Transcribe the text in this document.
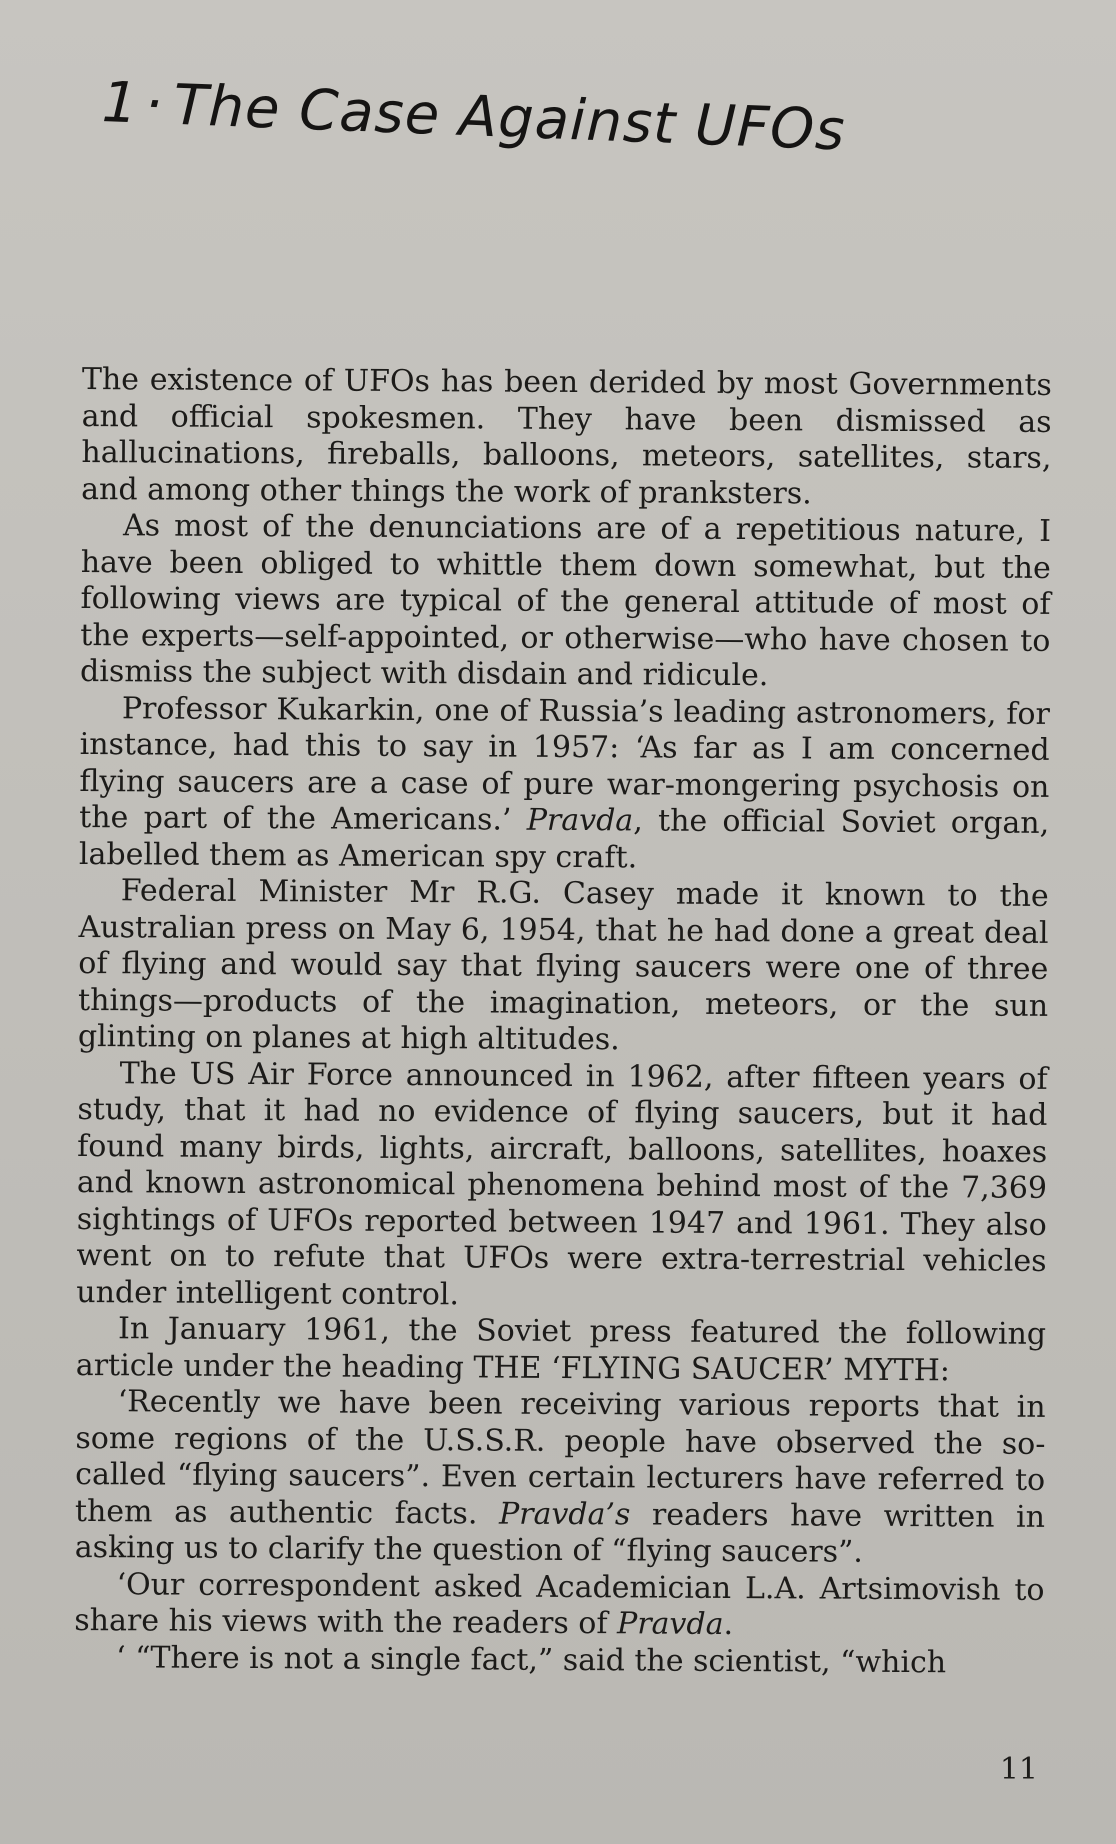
1· The Case Against UFOs

The existence of UFOs has been derided by most Governments and official spokesmen. They have been dismissed as hallucinations, fireballs, balloons, meteors, satellites, stars, and among other things the work of pranksters.

As most of the denunciations are of a repetitious nature, I have been obliged to whittle them down somewhat, but the following views are typical of the general attitude of most of the experts—self-appointed, or otherwise—who have chosen to dismiss the subject with disdain and ridicule.

Professor Kukarkin, one of Russia’s leading astronomers, for instance, had this to say in 1957: ‘As far as I am concerned flying saucers are a case of pure war-mongering psychosis on the part of the Americans.’ Pravda, the official Soviet organ, labelled them as American spy craft.

Federal Minister Mr R.G. Casey made it known to the Australian press on May 6, 1954, that he had done a great deal of flying and would say that flying saucers were one of three things—products of the imagination, meteors, or the sun glinting on planes at high altitudes.

The US Air Force announced in 1962, after fifteen years of study, that it had no evidence of flying saucers, but it had found many birds, lights, aircraft, balloons, satellites, hoaxes and known astronomical phenomena behind most of the 7,369 sightings of UFOs reported between 1947 and 1961. They also went on to refute that UFOs were extra-terrestrial vehicles under intelligent control.

In January 1961, the Soviet press featured the following article under the heading THE ‘FLYING SAUCER’ MYTH:

‘Recently we have been receiving various reports that in some regions of the U.S.S.R. people have observed the so-called “flying saucers”. Even certain lecturers have referred to them as authentic facts. Pravda’s readers have written in asking us to clarify the question of “flying saucers”.

‘Our correspondent asked Academician L.A. Artsimovish to share his views with the readers of Pravda.

‘ “There is not a single fact,” said the scientist, “which

11
